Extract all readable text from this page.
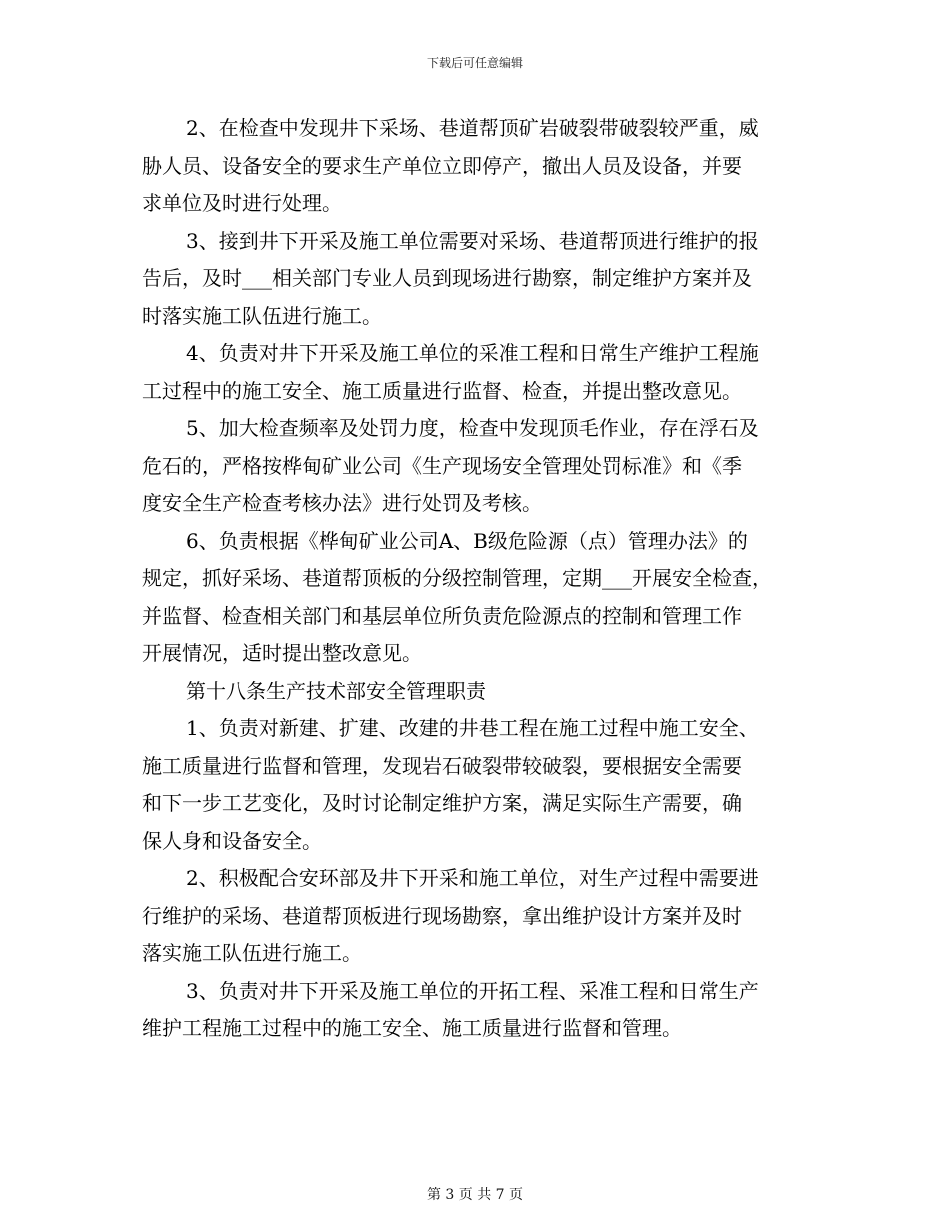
下载后可任意编辑
2、在检查中发现井下采场、巷道帮顶矿岩破裂带破裂较严重，威
胁人员、设备安全的要求生产单位立即停产，撤出人员及设备，并要
求单位及时进行处理。
3、接到井下开采及施工单位需要对采场、巷道帮顶进行维护的报
告后，及时___相关部门专业人员到现场进行勘察，制定维护方案并及
时落实施工队伍进行施工。
4、负责对井下开采及施工单位的采准工程和日常生产维护工程施
工过程中的施工安全、施工质量进行监督、检查，并提出整改意见。
5、加大检查频率及处罚力度，检查中发现顶毛作业，存在浮石及
危石的，严格按桦甸矿业公司《生产现场安全管理处罚标准》和《季
度安全生产检查考核办法》进行处罚及考核。
6、负责根据《桦甸矿业公司A、B级危险源（点）管理办法》的
规定，抓好采场、巷道帮顶板的分级控制管理，定期___开展安全检查，
并监督、检查相关部门和基层单位所负责危险源点的控制和管理工作
开展情况，适时提出整改意见。
第十八条生产技术部安全管理职责
1、负责对新建、扩建、改建的井巷工程在施工过程中施工安全、
施工质量进行监督和管理，发现岩石破裂带较破裂，要根据安全需要
和下一步工艺变化，及时讨论制定维护方案，满足实际生产需要，确
保人身和设备安全。
2、积极配合安环部及井下开采和施工单位，对生产过程中需要进
行维护的采场、巷道帮顶板进行现场勘察，拿出维护设计方案并及时
落实施工队伍进行施工。
3、负责对井下开采及施工单位的开拓工程、采准工程和日常生产
维护工程施工过程中的施工安全、施工质量进行监督和管理。
第 3 页 共 7 页
